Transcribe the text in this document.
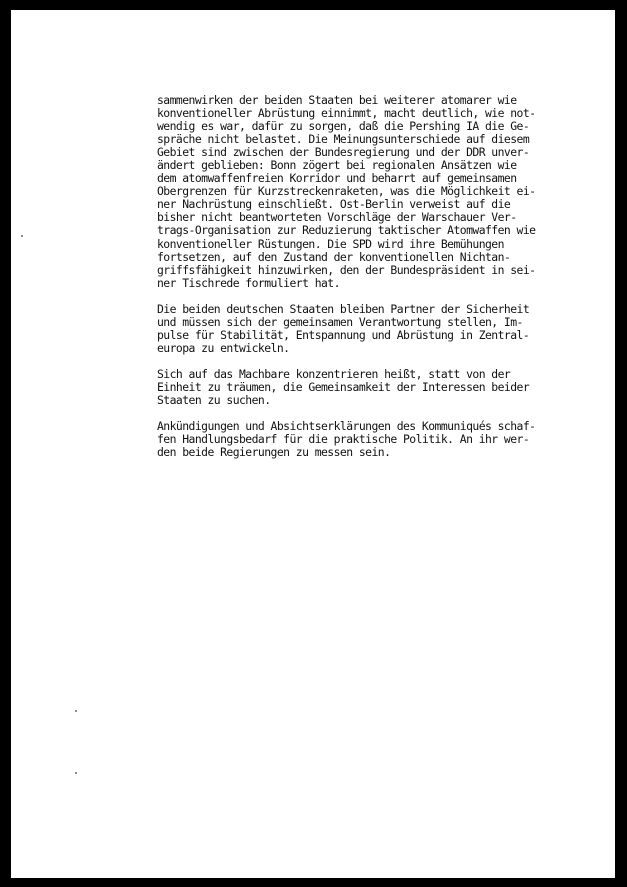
sammenwirken der beiden Staaten bei weiterer atomarer wie
konventioneller Abrüstung einnimmt, macht deutlich, wie not-
wendig es war, dafür zu sorgen, daß die Pershing IA die Ge-
spräche nicht belastet. Die Meinungsunterschiede auf diesem
Gebiet sind zwischen der Bundesregierung und der DDR unver-
ändert geblieben: Bonn zögert bei regionalen Ansätzen wie
dem atomwaffenfreien Korridor und beharrt auf gemeinsamen
Obergrenzen für Kurzstreckenraketen, was die Möglichkeit ei-
ner Nachrüstung einschließt. Ost-Berlin verweist auf die
bisher nicht beantworteten Vorschläge der Warschauer Ver-
trags-Organisation zur Reduzierung taktischer Atomwaffen wie
konventioneller Rüstungen. Die SPD wird ihre Bemühungen
fortsetzen, auf den Zustand der konventionellen Nichtan-
griffsfähigkeit hinzuwirken, den der Bundespräsident in sei-
ner Tischrede formuliert hat.
Die beiden deutschen Staaten bleiben Partner der Sicherheit
und müssen sich der gemeinsamen Verantwortung stellen, Im-
pulse für Stabilität, Entspannung und Abrüstung in Zentral-
europa zu entwickeln.
Sich auf das Machbare konzentrieren heißt, statt von der
Einheit zu träumen, die Gemeinsamkeit der Interessen beider
Staaten zu suchen.
Ankündigungen und Absichtserklärungen des Kommuniqués schaf-
fen Handlungsbedarf für die praktische Politik. An ihr wer-
den beide Regierungen zu messen sein.
